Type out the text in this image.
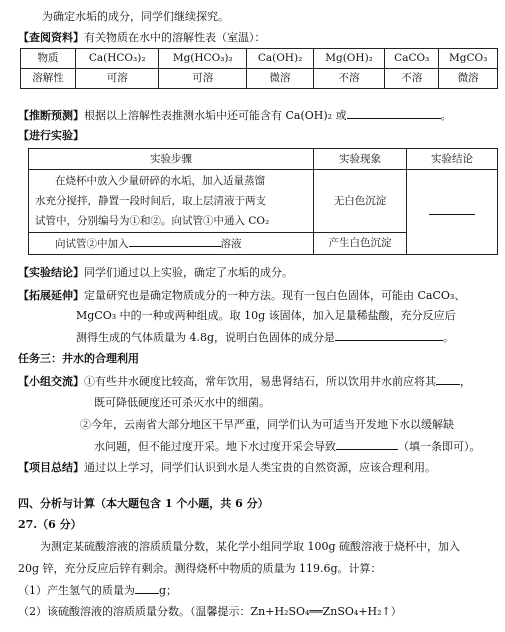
为确定水垢的成分，同学们继续探究。
【查阅资料】有关物质在水中的溶解性表（室温）：
物质	Ca(HCO₃)₂	Mg(HCO₃)₂	Ca(OH)₂	Mg(OH)₂	CaCO₃	MgCO₃
溶解性	可溶	可溶	微溶	不溶	不溶	微溶
【推断预测】根据以上溶解性表推测水垢中还可能含有 Ca(OH)₂ 或	。
【进行实验】
实验步骤	实验现象	实验结论

在烧杯中放入少量研碎的水垢，加入适量蒸馏
水充分搅拌，静置一段时间后，取上层清液于两支
试管中，分别编号为①和②。向试管①中通入 CO₂	无白色沉淀	
向试管②中加入 溶液	产生白色沉淀	
【实验结论】同学们通过以上实验，确定了水垢的成分。
【拓展延伸】定量研究也是确定物质成分的一种方法。现有一包白色固体，可能由 CaCO₃、
MgCO₃ 中的一种或两种组成。取 10g 该固体，加入足量稀盐酸，充分反应后
测得生成的气体质量为 4.8g，说明白色固体的成分是	。
任务三：井水的合理利用
【小组交流】①有些井水硬度比较高，常年饮用，易患肾结石，所以饮用井水前应将其 ，
既可降低硬度还可杀灭水中的细菌。
②今年，云南省大部分地区干旱严重，同学们认为可适当开发地下水以缓解缺
水问题，但不能过度开采。地下水过度开采会导致	（填一条即可）。
【项目总结】通过以上学习，同学们认识到水是人类宝贵的自然资源，应该合理利用。
四、分析与计算（本大题包含 1 个小题，共 6 分）
27.（6 分）
为测定某硫酸溶液的溶质质量分数，某化学小组同学取 100g 硫酸溶液于烧杯中，加入
20g 锌，充分反应后锌有剩余。测得烧杯中物质的质量为 119.6g。计算：
（1）产生氢气的质量为 g；
（2）该硫酸溶液的溶质质量分数。（温馨提示：Zn+H₂SO₄══ZnSO₄+H₂↑）
